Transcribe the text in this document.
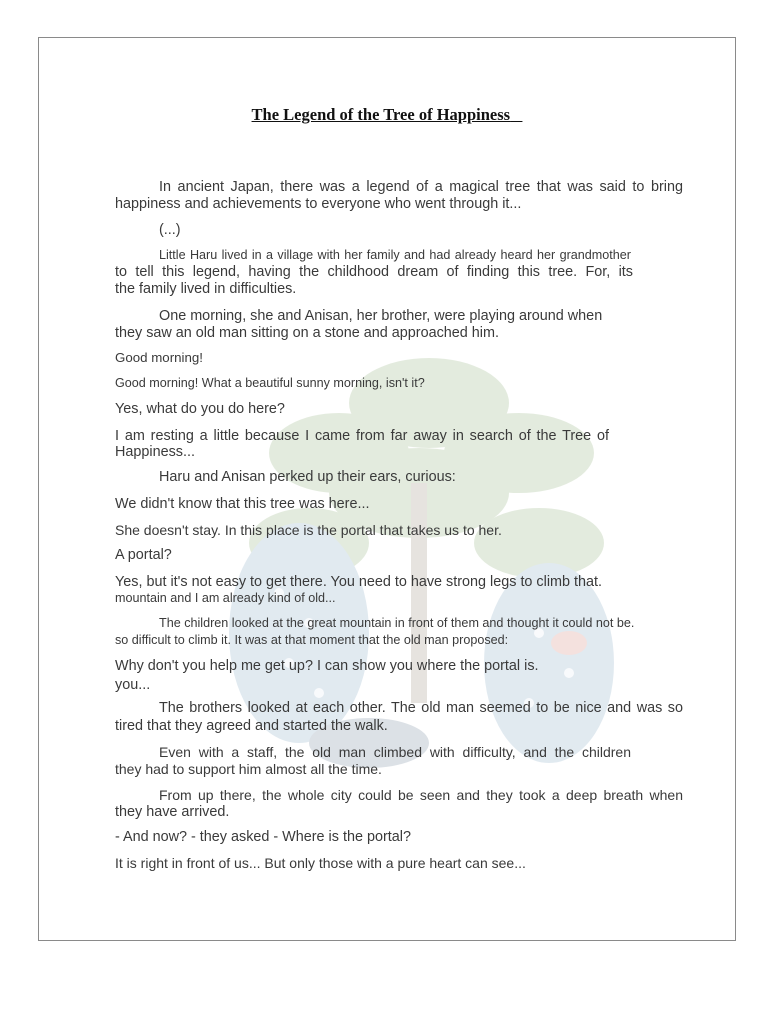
The Legend of the Tree of Happiness

In ancient Japan, there was a legend of a magical tree that was said to bring

happiness and achievements to everyone who went through it...

(...)

Little Haru lived in a village with her family and had already heard her grandmother

to tell this legend, having the childhood dream of finding this tree. For, its

the family lived in difficulties.

One morning, she and Anisan, her brother, were playing around when

they saw an old man sitting on a stone and approached him.

Good morning!

Good morning! What a beautiful sunny morning, isn't it?

Yes, what do you do here?

I am resting a little because I came from far away in search of the Tree of

Happiness...

Haru and Anisan perked up their ears, curious:

We didn't know that this tree was here...

She doesn't stay. In this place is the portal that takes us to her.

A portal?

Yes, but it's not easy to get there. You need to have strong legs to climb that.

mountain and I am already kind of old...

The children looked at the great mountain in front of them and thought it could not be.

so difficult to climb it. It was at that moment that the old man proposed:

Why don't you help me get up? I can show you where the portal is.

you...

The brothers looked at each other. The old man seemed to be nice and was so

tired that they agreed and started the walk.

Even with a staff, the old man climbed with difficulty, and the children

they had to support him almost all the time.

From up there, the whole city could be seen and they took a deep breath when

they have arrived.

- And now? - they asked - Where is the portal?

It is right in front of us... But only those with a pure heart can see...
